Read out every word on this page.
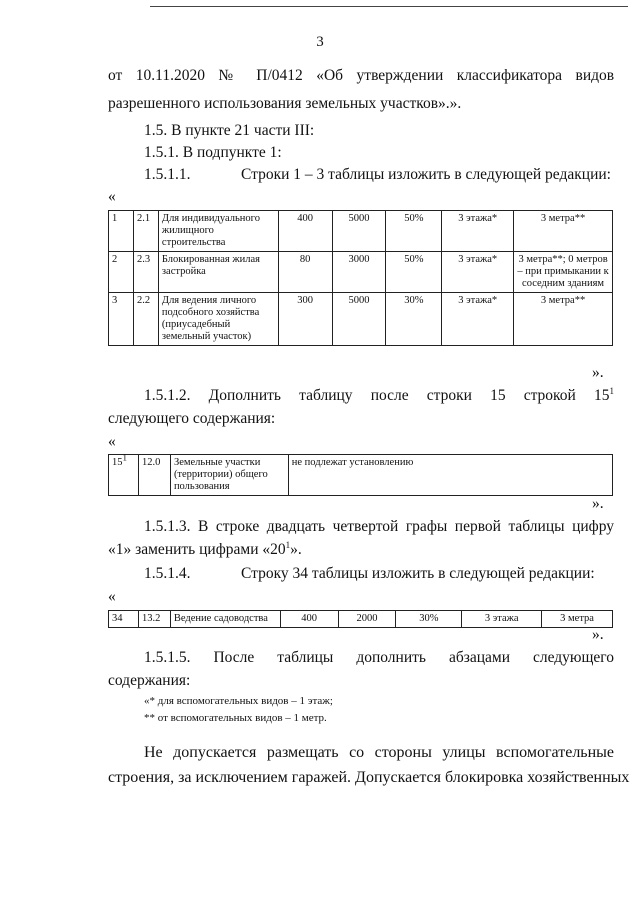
3
от 10.11.2020 № П/0412 «Об утверждении классификатора видов
разрешенного использования земельных участков».».
1.5. В пункте 21 части III:
1.5.1. В подпункте 1:
1.5.1.1.	Строки 1 – 3 таблицы изложить в следующей редакции:
«
1	2.1	Для индивидуального жилищного строительства	400	5000	50%	3 этажа*	3 метра**
2	2.3	Блокированная жилая застройка	80	3000	50%	3 этажа*	3 метра**; 0 метров – при примыкании к соседним зданиям
3	2.2	Для ведения личного подсобного хозяйства (приусадебный земельный участок)	300	5000	30%	3 этажа*	3 метра**
».
1.5.1.2. Дополнить таблицу после строки 15 строкой $15^1$
следующего содержания:
«
$15^1$	12.0	Земельные участки (территории) общего пользования	не подлежат установлению
».
1.5.1.3. В строке двадцать четвертой графы первой таблицы цифру
«1» заменить цифрами «$20^1$».
1.5.1.4.	Строку 34 таблицы изложить в следующей редакции:
«
34	13.2	Ведение садоводства	400	2000	30%	3 этажа	3 метра
».
1.5.1.5. После таблицы дополнить абзацами следующего
содержания:
«* для вспомогательных видов – 1 этаж;
** от вспомогательных видов – 1 метр.
Не допускается размещать со стороны улицы вспомогательные
строения, за исключением гаражей. Допускается блокировка хозяйственных
